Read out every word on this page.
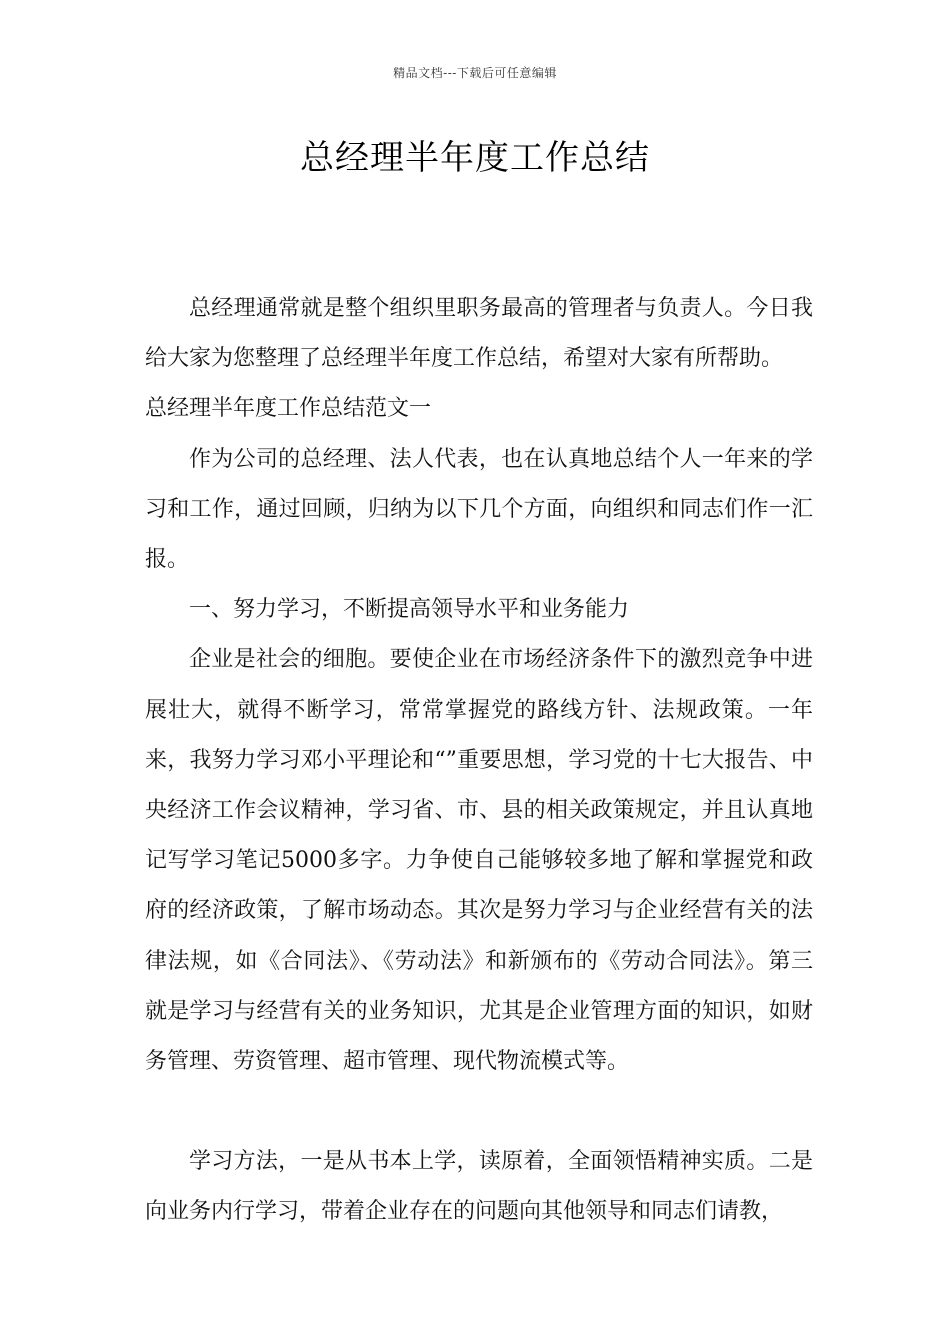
精品文档---下载后可任意编辑
总经理半年度工作总结

总经理通常就是整个组织里职务最高的管理者与负责人。今日我给大家为您整理了总经理半年度工作总结，希望对大家有所帮助。

总经理半年度工作总结范文一

作为公司的总经理、法人代表，也在认真地总结个人一年来的学习和工作，通过回顾，归纳为以下几个方面，向组织和同志们作一汇报。

一、努力学习，不断提高领导水平和业务能力

企业是社会的细胞。要使企业在市场经济条件下的激烈竞争中进展壮大，就得不断学习，常常掌握党的路线方针、法规政策。一年来，我努力学习邓小平理论和“”重要思想，学习党的十七大报告、中央经济工作会议精神，学习省、市、县的相关政策规定，并且认真地记写学习笔记5000多字。力争使自己能够较多地了解和掌握党和政府的经济政策，了解市场动态。其次是努力学习与企业经营有关的法律法规，如《合同法》、《劳动法》和新颁布的《劳动合同法》。第三就是学习与经营有关的业务知识，尤其是企业管理方面的知识，如财务管理、劳资管理、超市管理、现代物流模式等。

学习方法，一是从书本上学，读原着，全面领悟精神实质。二是向业务内行学习，带着企业存在的问题向其他领导和同志们请教，
